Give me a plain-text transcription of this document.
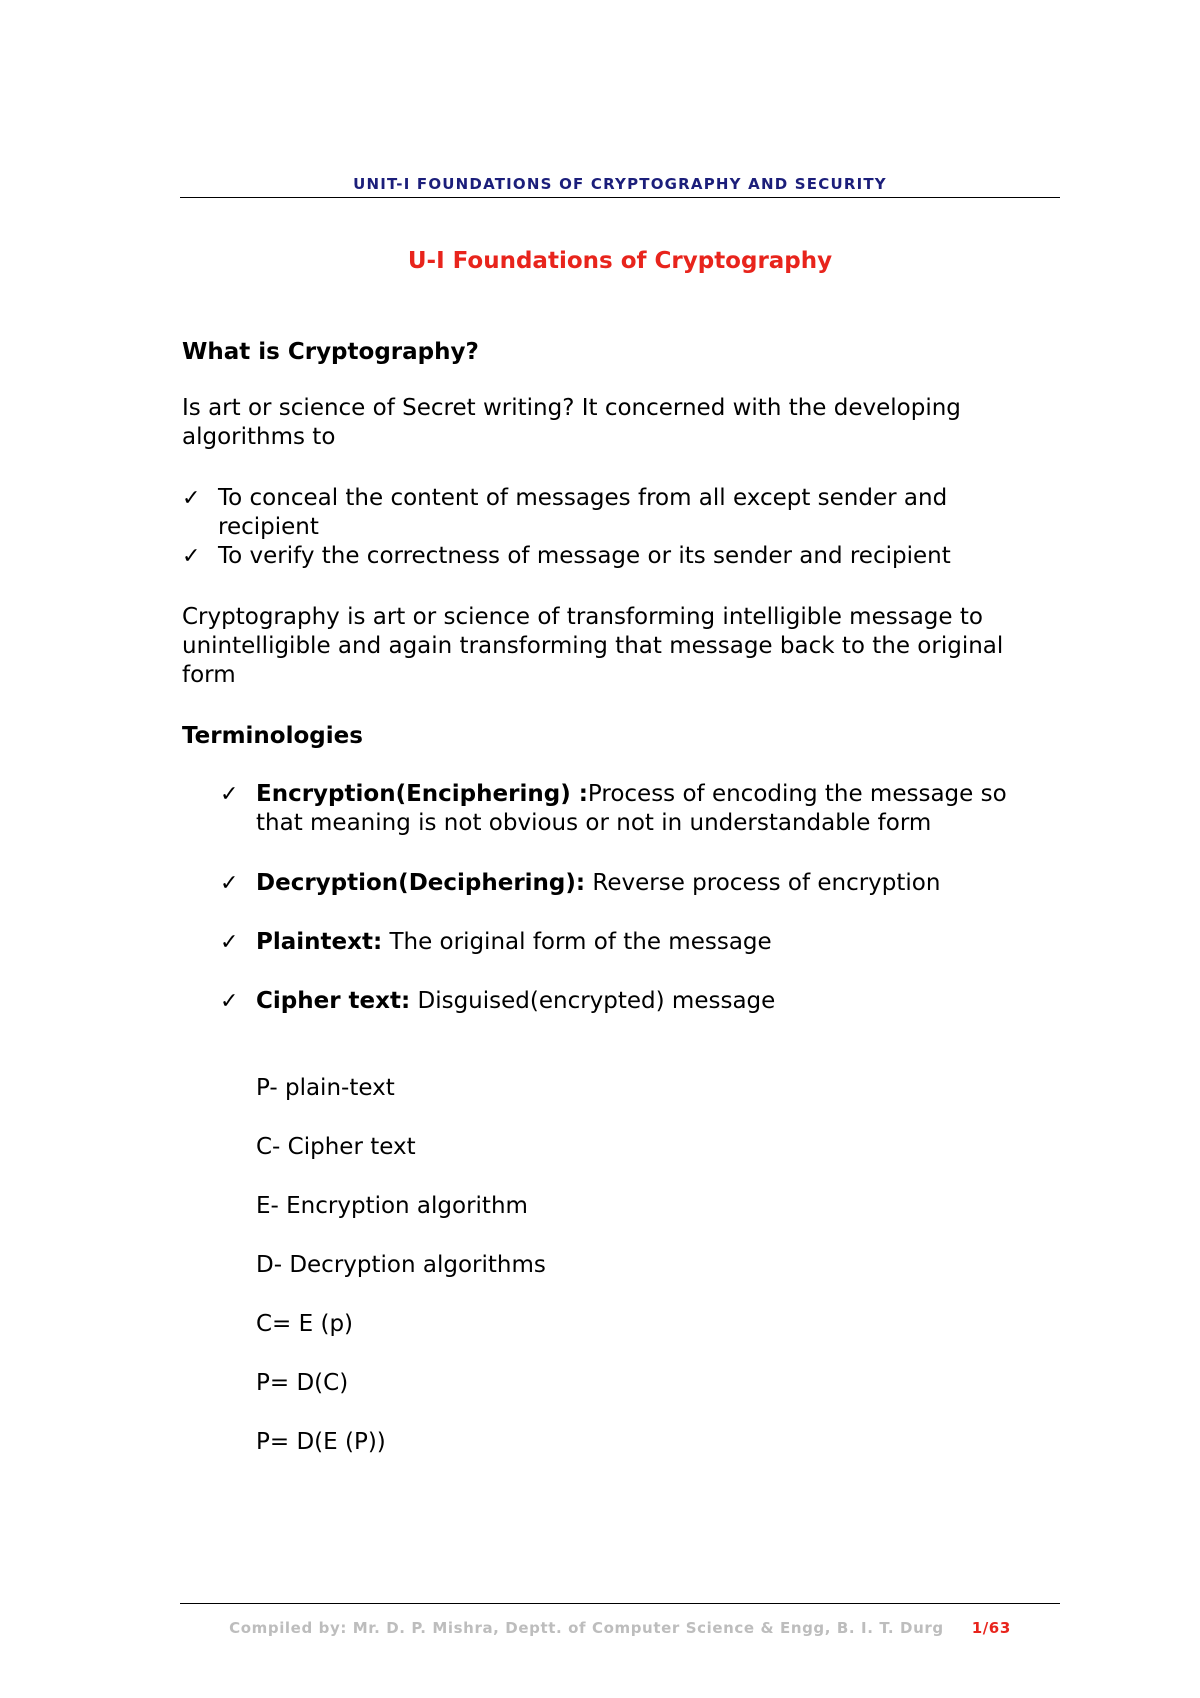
UNIT-I FOUNDATIONS OF CRYPTOGRAPHY AND SECURITY
U-I Foundations of Cryptography
What is Cryptography?
Is art or science of Secret writing? It concerned with the developing
algorithms to
✓ To conceal the content of messages from all except sender and
recipient
✓ To verify the correctness of message or its sender and recipient
Cryptography is art or science of transforming intelligible message to
unintelligible and again transforming that message back to the original
form
Terminologies
✓ Encryption(Enciphering) :Process of encoding the message so
that meaning is not obvious or not in understandable form
✓ Decryption(Deciphering): Reverse process of encryption
✓ Plaintext: The original form of the message
✓ Cipher text: Disguised(encrypted) message
P- plain-text
C- Cipher text
E- Encryption algorithm
D- Decryption algorithms
C= E (p)
P= D(C)
P= D(E (P))
Compiled by: Mr. D. P. Mishra, Deptt. of Computer Science & Engg, B. I. T. Durg 1/63
